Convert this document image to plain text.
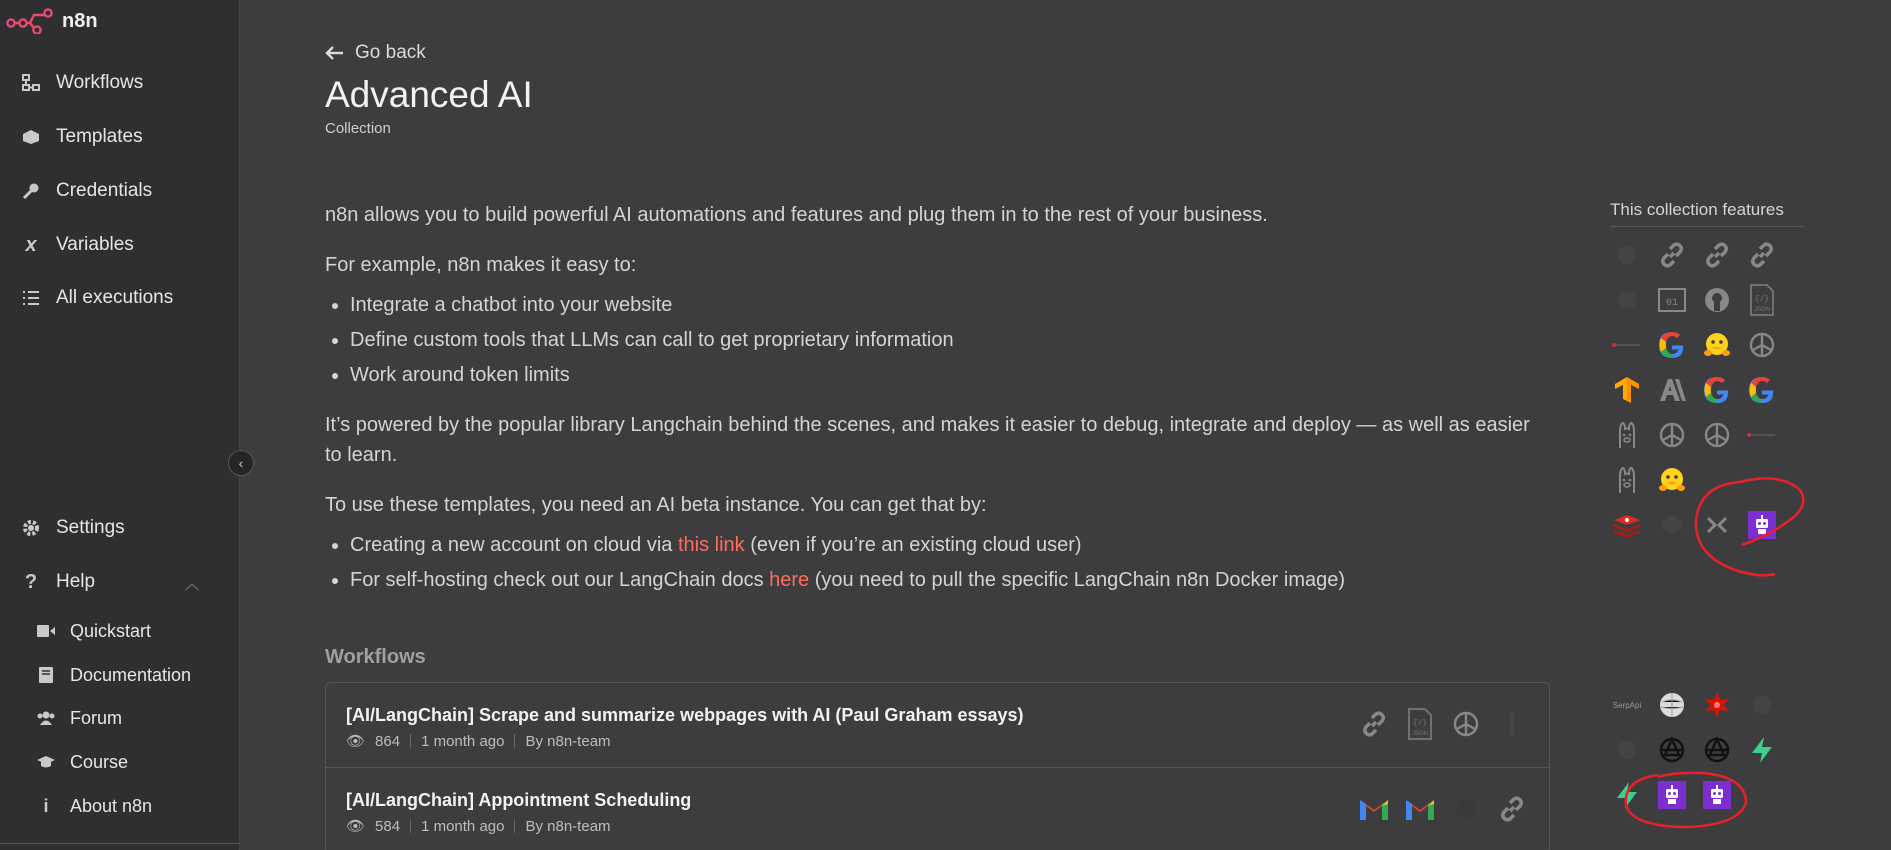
n8n
Workflows
Templates
Credentials
x Variables
All executions
Settings
? Help	︿
Quickstart
Documentation
Forum
Course
i	About n8n
‹
Go back
Advanced AI
Collection

n8n allows you to build powerful AI automations and features and plug them in to the rest of your business.

For example, n8n makes it easy to:

• Integrate a chatbot into your website
• Define custom tools that LLMs can call to get proprietary information
• Work around token limits

It’s powered by the popular library Langchain behind the scenes, and makes it easier to debug, integrate and deploy — as well as easier to learn.

To use these templates, you need an AI beta instance. You can get that by:

• Creating a new account on cloud via this link (even if you’re an existing cloud user)
• For self-hosting check out our LangChain docs here (you need to pull the specific LangChain n8n Docker image)
Workflows
[AI/LangChain] Scrape and summarize webpages with AI (Paul Graham essays)
👁 864 1 month ago By n8n-team
{/}
JSON
[AI/LangChain] Appointment Scheduling
👁 584 1 month ago By n8n-team
This collection features
01	{/}
JSON
SerpApi
